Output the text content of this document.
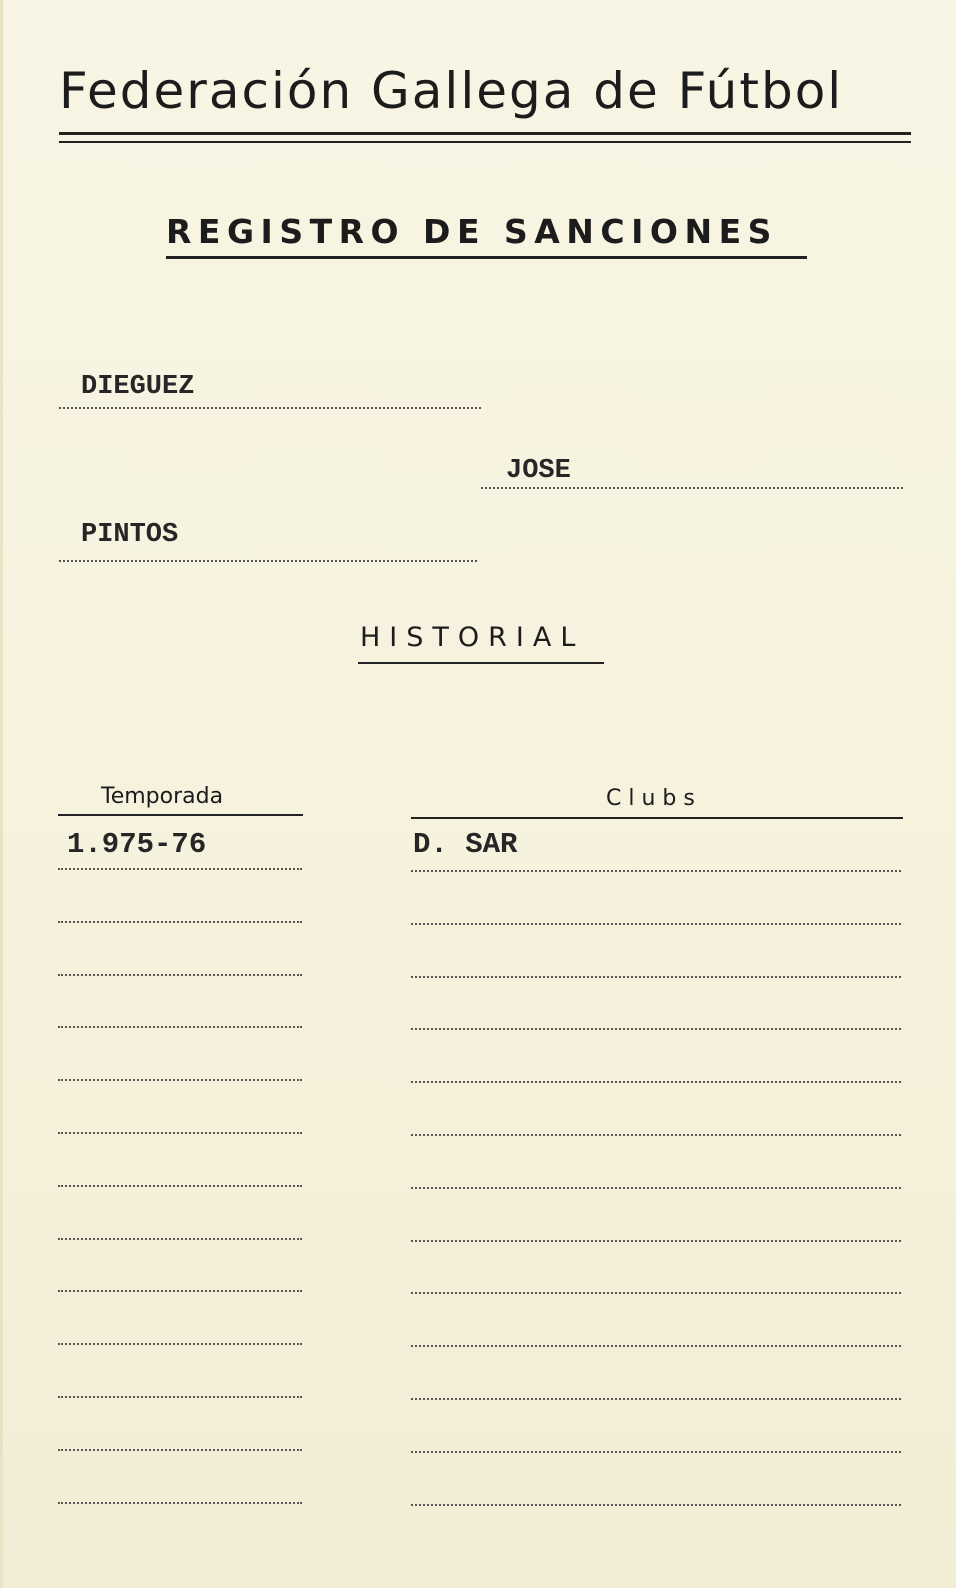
Federación Gallega de Fútbol
REGISTRO DE SANCIONES
DIEGUEZ
JOSE
PINTOS
HISTORIAL
Temporada	Clubs
1.975-76	D. SAR
